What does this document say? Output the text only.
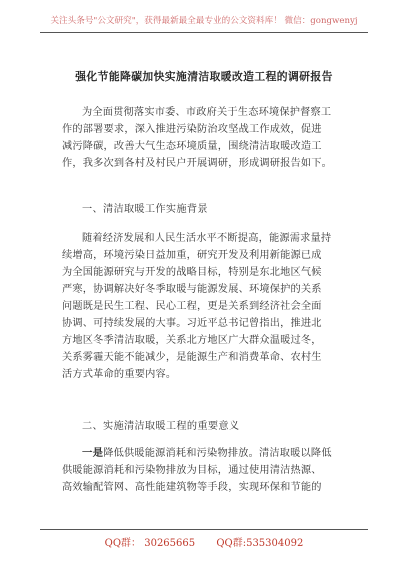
关注头条号"公文研究"，获得最新最全最专业的公文资料库！ 微信：gongwenyj
强化节能降碳加快实施清洁取暖改造工程的调研报告
为全面贯彻落实市委、市政府关于生态环境保护督察工
作的部署要求，深入推进污染防治攻坚战工作成效，促进
减污降碳，改善大气生态环境质量，围绕清洁取暖改造工
作，我多次到各村及村民户开展调研，形成调研报告如下。
一、清洁取暖工作实施背景
随着经济发展和人民生活水平不断提高，能源需求量持
续增高，环境污染日益加重，研究开发及利用新能源已成
为全国能源研究与开发的战略目标，特别是东北地区气候
严寒，协调解决好冬季取暖与能源发展、环境保护的关系
问题既是民生工程、民心工程，更是关系到经济社会全面
协调、可持续发展的大事。习近平总书记曾指出，推进北
方地区冬季清洁取暖，关系北方地区广大群众温暖过冬，
关系雾霾天能不能减少，是能源生产和消费革命、农村生
活方式革命的重要内容。
二、实施清洁取暖工程的重要意义
一是降低供暖能源消耗和污染物排放。清洁取暖以降低
供暖能源消耗和污染物排放为目标，通过使用清洁热源、
高效输配管网、高性能建筑物等手段，实现环保和节能的
QQ群： 30265665 QQ群:535304092
